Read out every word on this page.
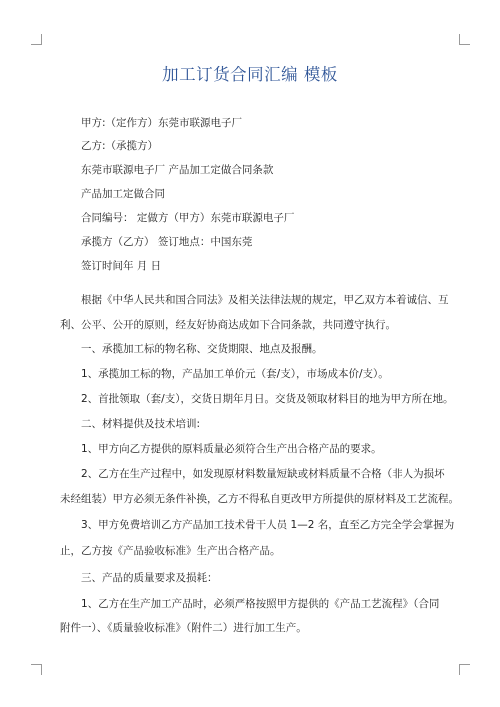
加工订货合同汇编 模板
甲方:（定作方）东莞市联源电子厂
乙方:（承揽方）
东莞市联源电子厂 产品加工定做合同条款
产品加工定做合同
合同编号： 定做方（甲方）东莞市联源电子厂
承揽方（乙方） 签订地点：中国东莞
签订时间年 月 日
根据《中华人民共和国合同法》及相关法律法规的规定，甲乙双方本着诚信、互
利、公平、公开的原则，经友好协商达成如下合同条款，共同遵守执行。
一、承揽加工标的物名称、交货期限、地点及报酬。
1、承揽加工标的物，产品加工单价元（套/支），市场成本价/支）。
2、首批领取（套/支），交货日期年月日。交货及领取材料目的地为甲方所在地。
二、材料提供及技术培训:
1、甲方向乙方提供的原料质量必须符合生产出合格产品的要求。
2、乙方在生产过程中，如发现原材料数量短缺或材料质量不合格（非人为损坏
未经组装）甲方必须无条件补换，乙方不得私自更改甲方所提供的原材料及工艺流程。
3、甲方免费培训乙方产品加工技术骨干人员 1—2 名，直至乙方完全学会掌握为
止，乙方按《产品验收标准》生产出合格产品。
三、产品的质量要求及损耗：
1、乙方在生产加工产品时，必须严格按照甲方提供的《产品工艺流程》（合同
附件一）、《质量验收标准》（附件二）进行加工生产。
